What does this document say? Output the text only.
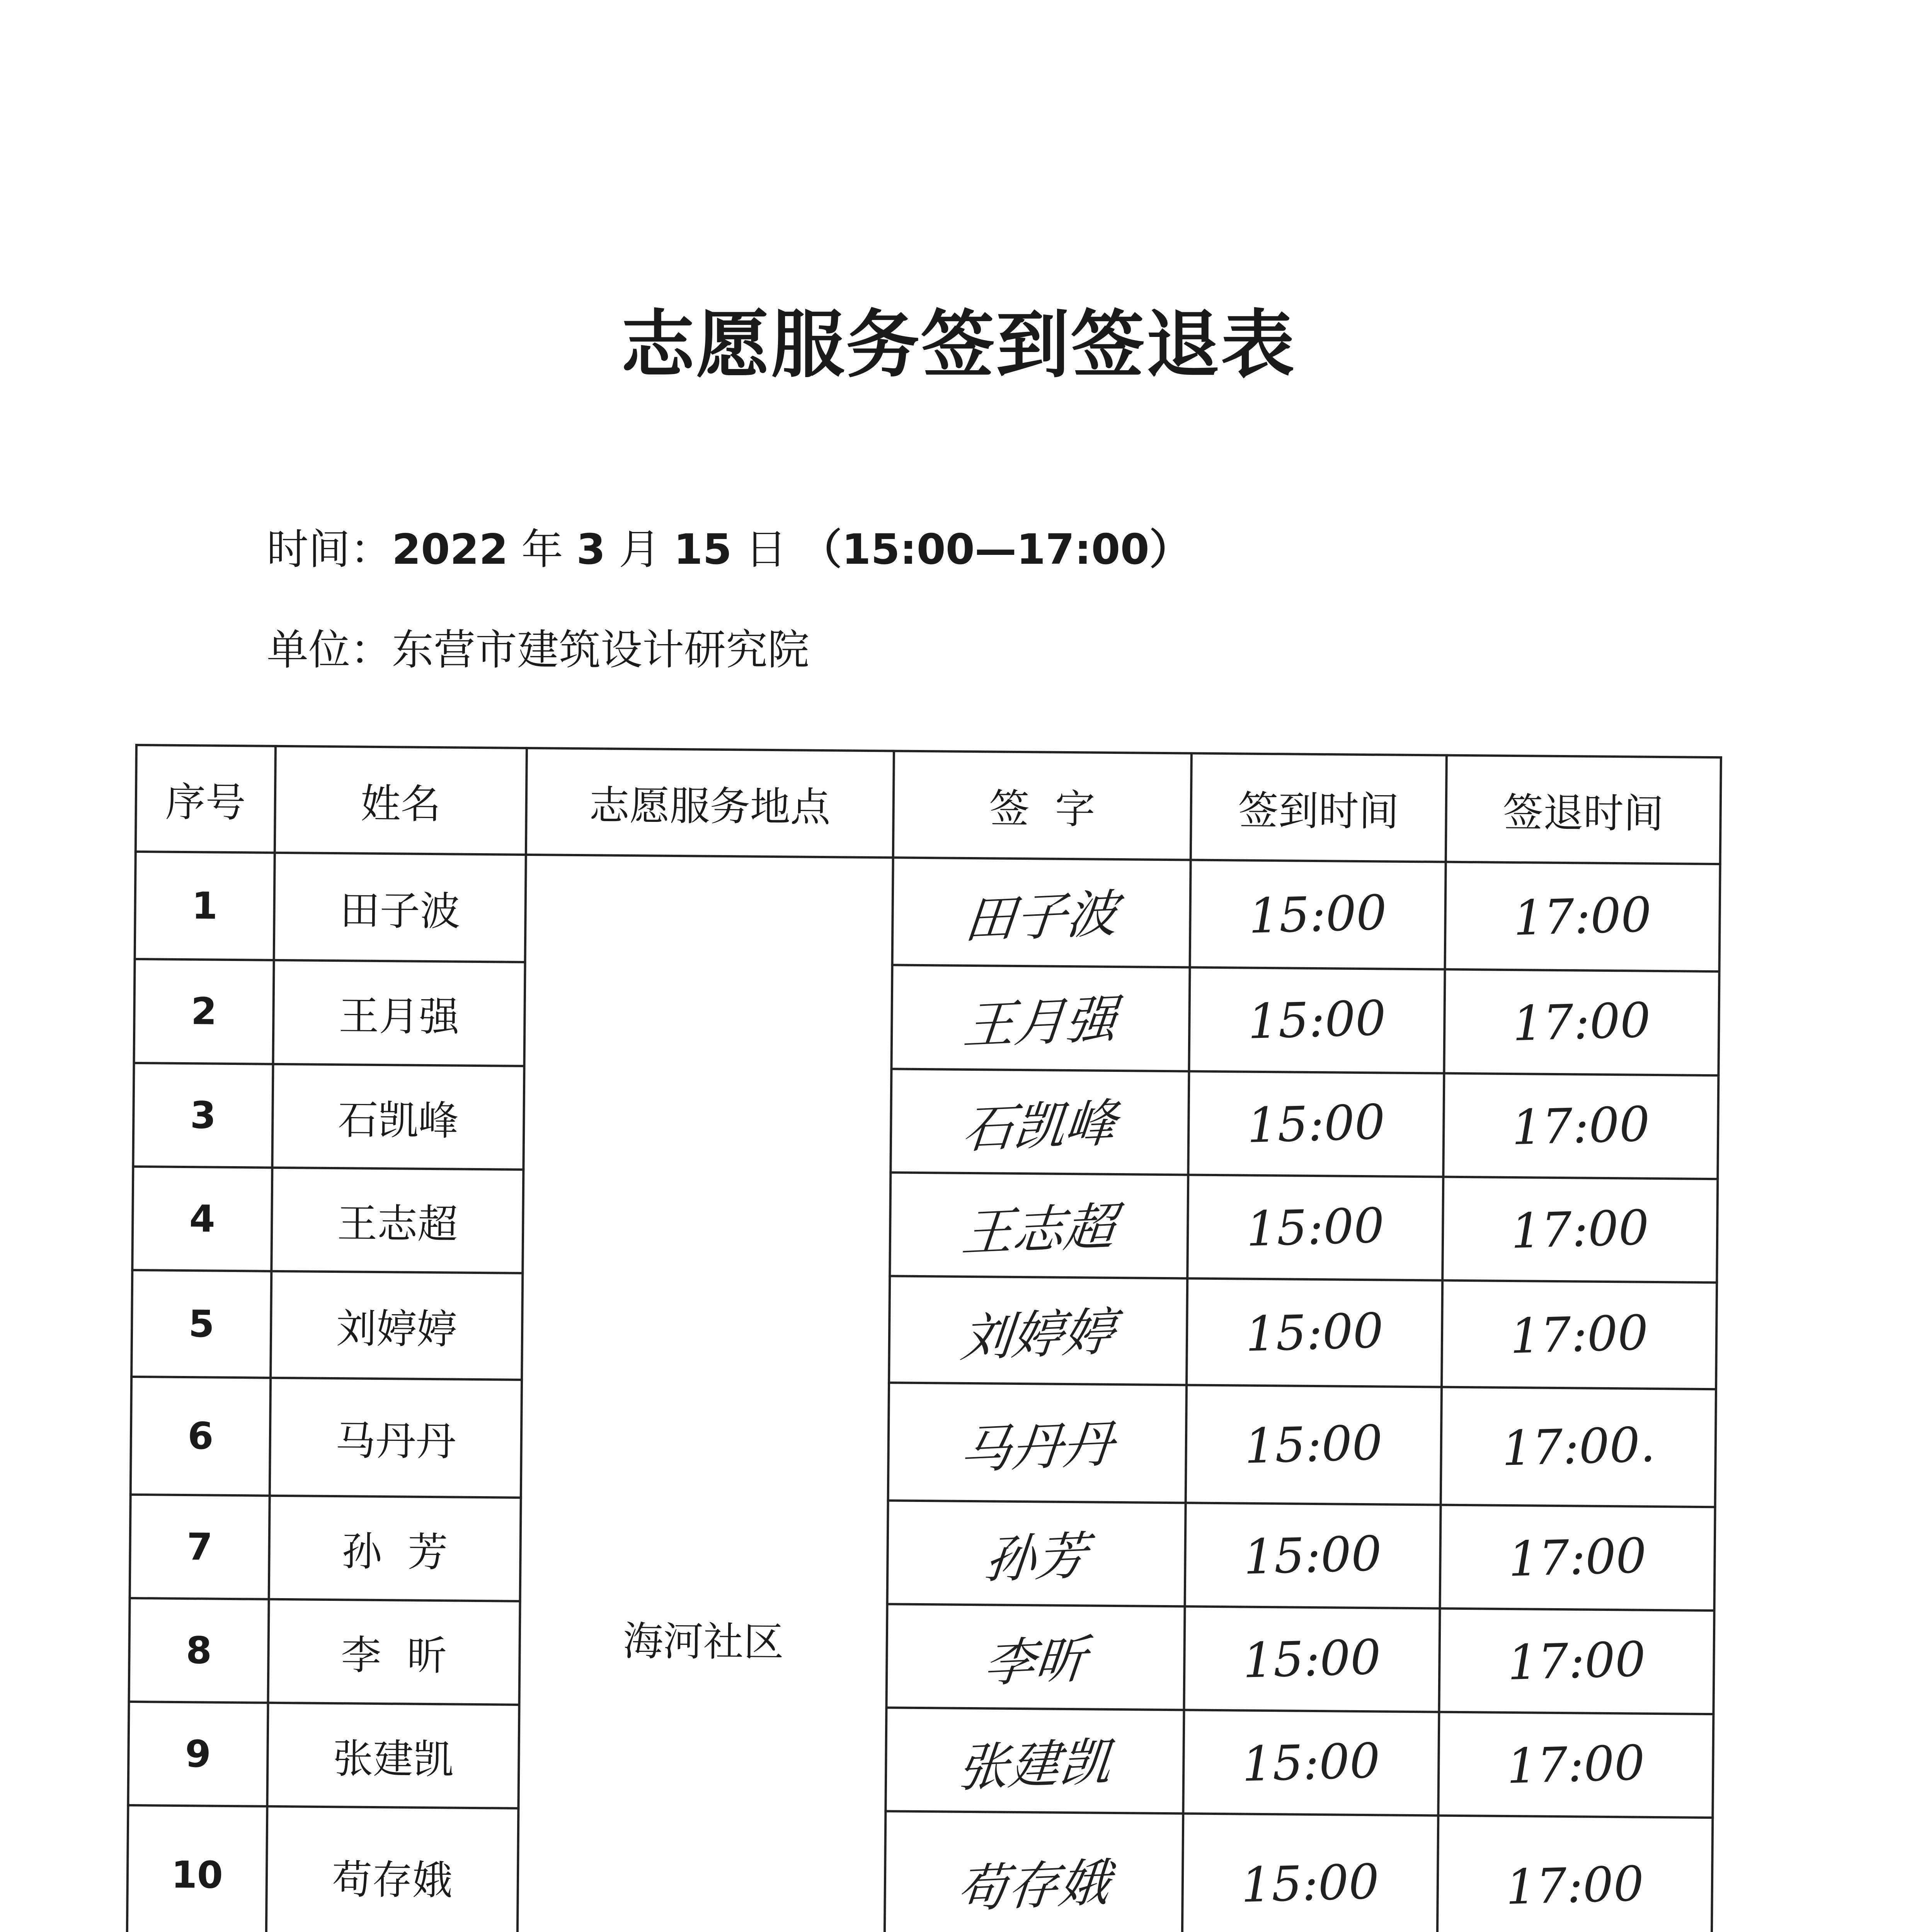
志愿服务签到签退表
时间：2022 年 3 月 15 日 （15:00—17:00）
单位：东营市建筑设计研究院
序号	姓名	志愿服务地点	签  字	签到时间	签退时间
1	田子波	海河社区	田子波	15:00	17:00
2	王月强		王月强	15:00	17:00
3	石凯峰		石凯峰	15:00	17:00
4	王志超		王志超	15:00	17:00
5	刘婷婷		刘婷婷	15:00	17:00
6	马丹丹		马丹丹	15:00	17:00.
7	孙  芳		孙芳	15:00	17:00
8	李  昕		李昕	15:00	17:00
9	张建凯		张建凯	15:00	17:00
10	苟存娥		苟存娥	15:00	17:00
